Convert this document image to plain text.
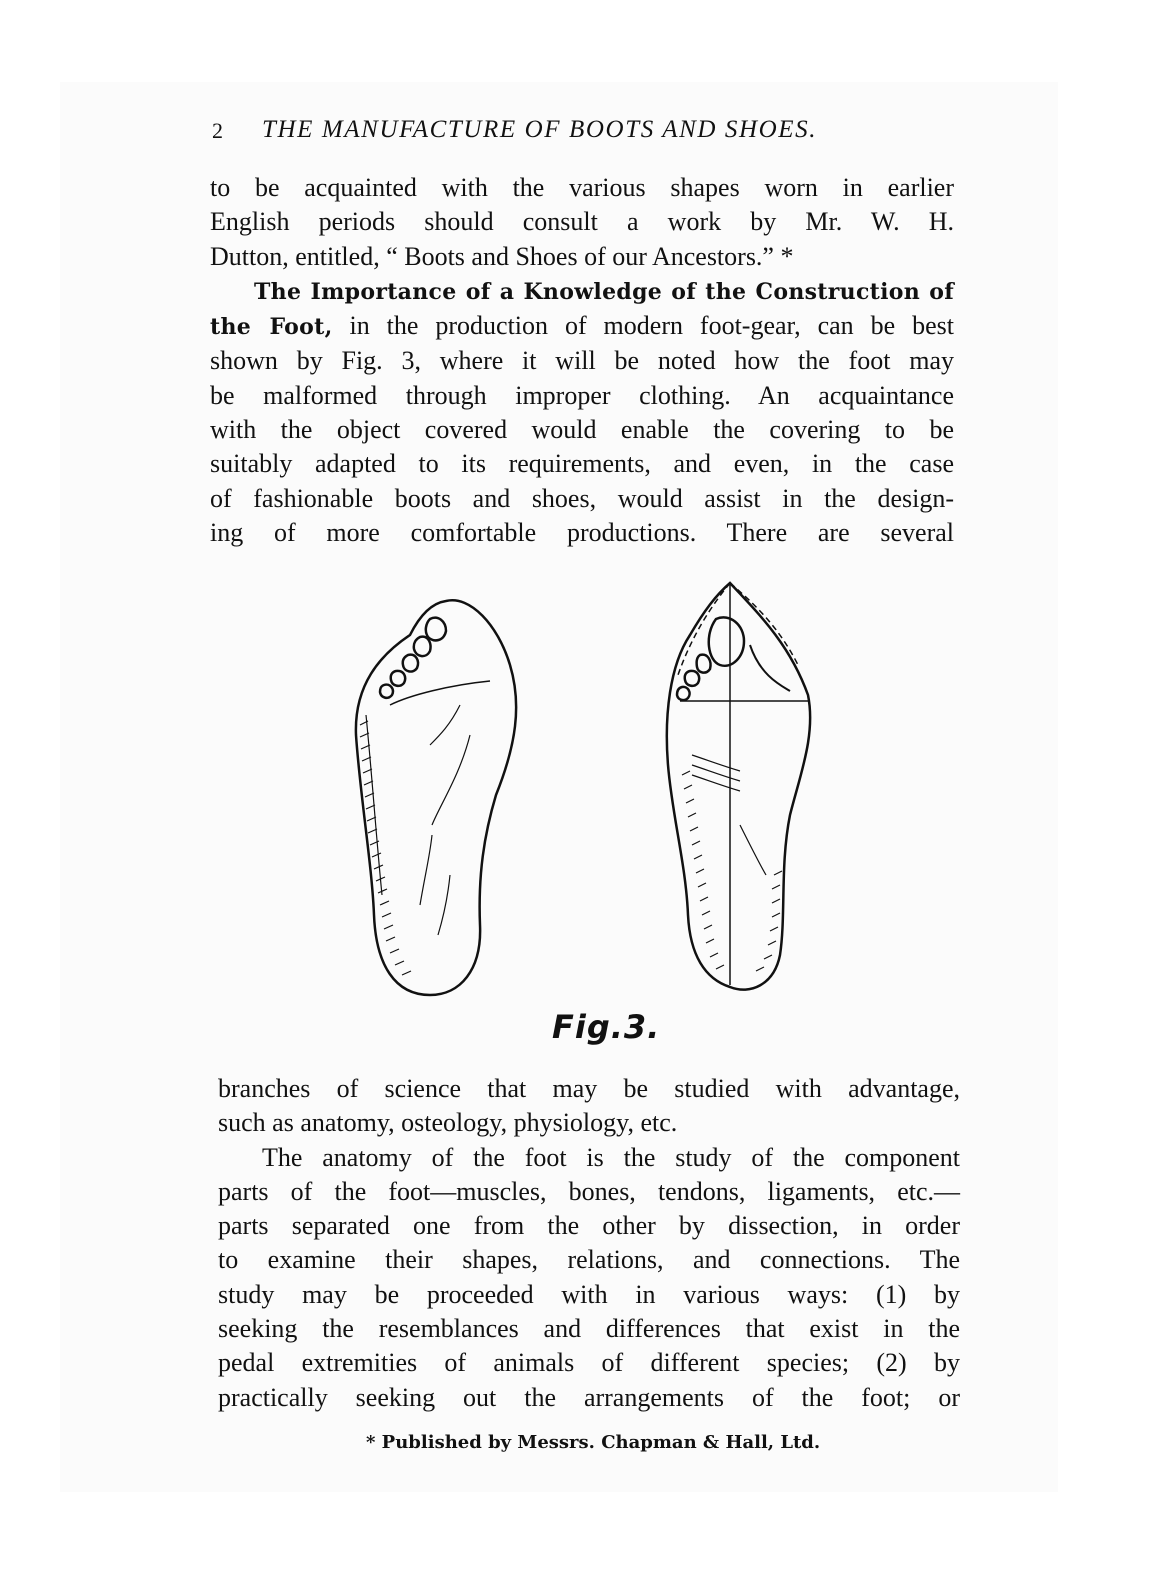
2 THE MANUFACTURE OF BOOTS AND SHOES.
to be acquainted with the various shapes worn in earlier
English periods should consult a work by Mr. W. H.
Dutton, entitled, “ Boots and Shoes of our Ancestors.” *
The Importance of a Knowledge of the Construction of
the Foot, in the production of modern foot-gear, can be best
shown by Fig. 3, where it will be noted how the foot may
be malformed through improper clothing. An acquaintance
with the object covered would enable the covering to be
suitably adapted to its requirements, and even, in the case
of fashionable boots and shoes, would assist in the design-
ing of more comfortable productions. There are several
Fig.3.
branches of science that may be studied with advantage,
such as anatomy, osteology, physiology, etc.
The anatomy of the foot is the study of the component
parts of the foot—muscles, bones, tendons, ligaments, etc.—
parts separated one from the other by dissection, in order
to examine their shapes, relations, and connections. The
study may be proceeded with in various ways: (1) by
seeking the resemblances and differences that exist in the
pedal extremities of animals of different species; (2) by
practically seeking out the arrangements of the foot; or
* Published by Messrs. Chapman & Hall, Ltd.
